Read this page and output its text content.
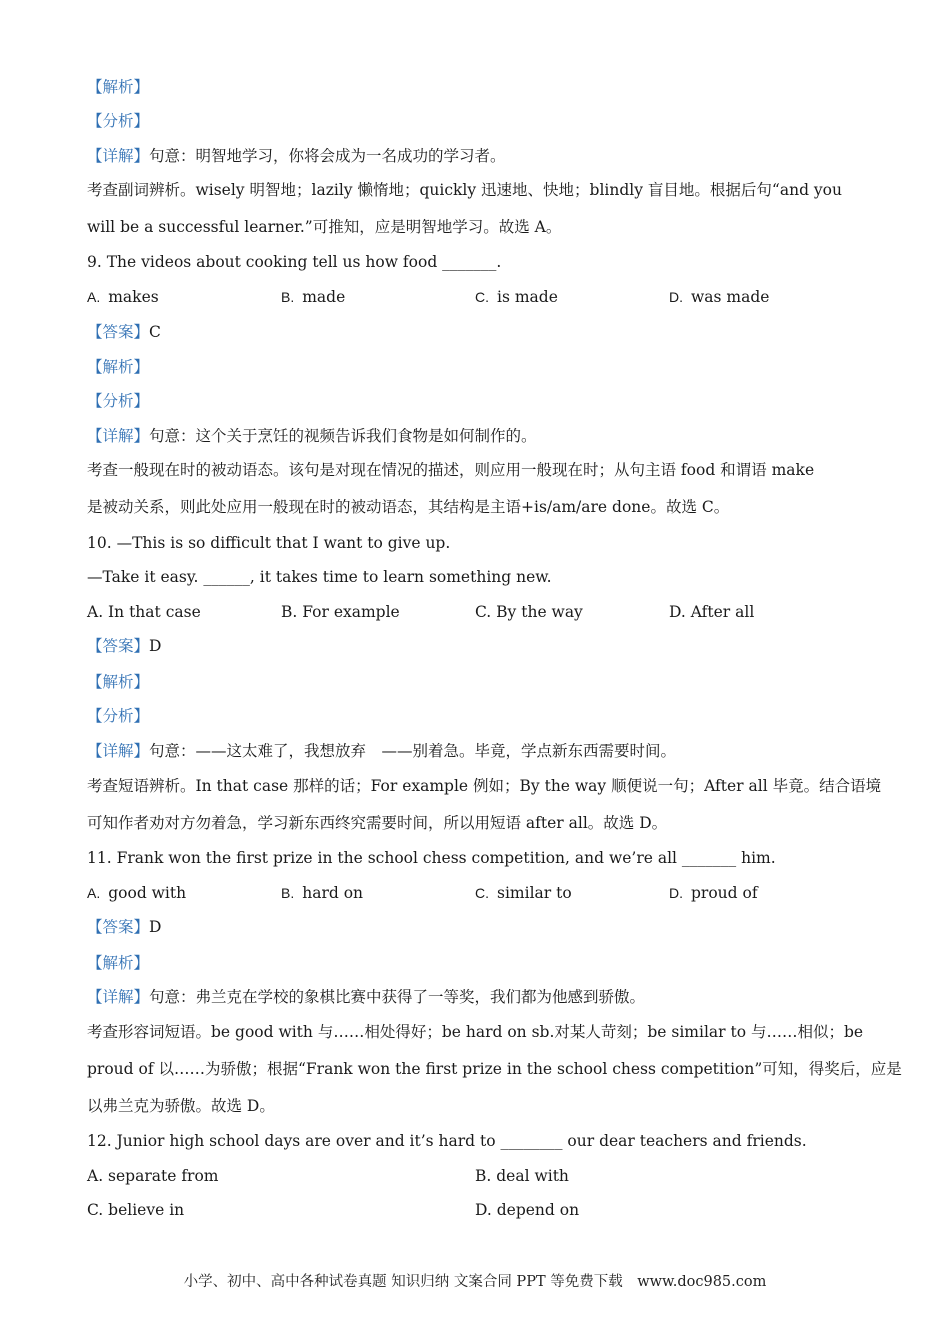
【解析】
【分析】
【详解】句意：明智地学习，你将会成为一名成功的学习者。
考查副词辨析。wisely 明智地；lazily 懒惰地；quickly 迅速地、快地；blindly 盲目地。根据后句“and you
will be a successful learner.”可推知，应是明智地学习。故选 A。
9. The videos about cooking tell us how food _______.
A. makes	B. made	C. is made	D. was made
【答案】C
【解析】
【分析】
【详解】句意：这个关于烹饪的视频告诉我们食物是如何制作的。
考查一般现在时的被动语态。该句是对现在情况的描述，则应用一般现在时；从句主语 food 和谓语 make
是被动关系，则此处应用一般现在时的被动语态，其结构是主语+is/am/are done。故选 C。
10. —This is so difficult that I want to give up.
—Take it easy. ______, it takes time to learn something new.
A. In that case	B. For example	C. By the way	D. After all
【答案】D
【解析】
【分析】
【详解】句意：——这太难了，我想放弃　——别着急。毕竟，学点新东西需要时间。
考查短语辨析。In that case 那样的话；For example 例如；By the way 顺便说一句；After all 毕竟。结合语境
可知作者劝对方勿着急，学习新东西终究需要时间，所以用短语 after all。故选 D。
11. Frank won the first prize in the school chess competition, and we’re all _______ him.
A. good with	B. hard on	C. similar to	D. proud of
【答案】D
【解析】
【详解】句意：弗兰克在学校的象棋比赛中获得了一等奖，我们都为他感到骄傲。
考查形容词短语。be good with 与……相处得好；be hard on sb.对某人苛刻；be similar to 与……相似；be
proud of 以……为骄傲；根据“Frank won the first prize in the school chess competition”可知，得奖后，应是
以弗兰克为骄傲。故选 D。
12. Junior high school days are over and it’s hard to ________ our dear teachers and friends.
A. separate from	B. deal with
C. believe in	D. depend on
小学、初中、高中各种试卷真题 知识归纳 文案合同 PPT 等免费下载　www.doc985.com
